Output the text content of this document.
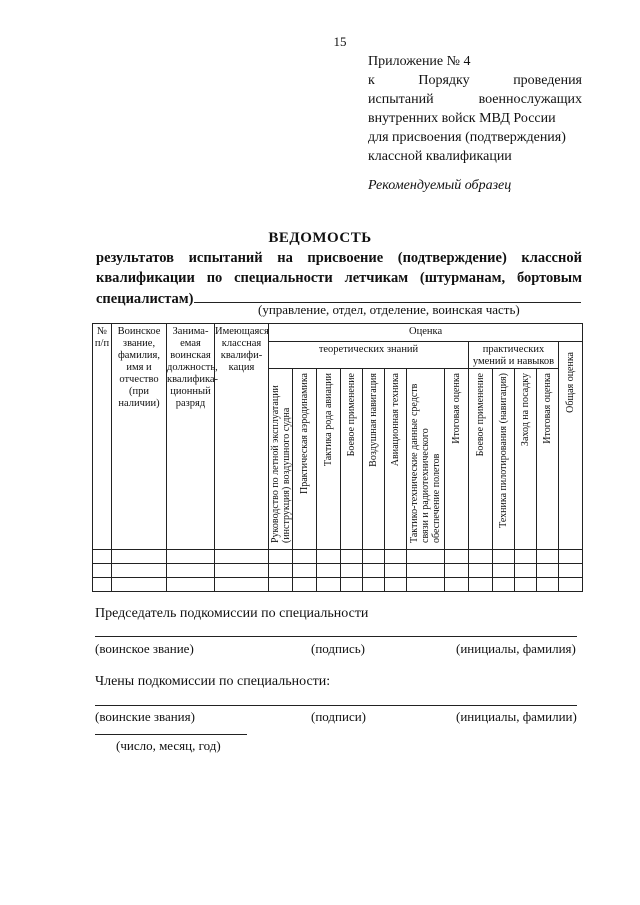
15
Приложение № 4
к	Порядку	проведения
испытаний	военнослужащих
внутренних войск МВД России
для присвоения (подтверждения)
классной квалификации
Рекомендуемый образец
ВЕДОМОСТЬ
результатов испытаний на присвоение (подтверждение) классной
квалификации по специальности летчикам (штурманам, бортовым
специалистам)
(управление, отдел, отделение, воинская часть)
№ п/п	Воинское звание, фамилия, имя и отчество (при наличии)	Занима-емая воинская должность, квалифика-ционный разряд	Имеющаяся классная квалифи-кация	Оценка												
				теоретических знаний								практических умений и навыков				Общая оценка
				Руководство по летной эксплуатации (инструкция) воздушного судна	Практическая аэродинамика	Тактика рода авиации	Боевое применение	Воздушная навигация	Авиационная техника	Тактико-технические данные средств связи и радиотехнического обеспечение полетов	Итоговая оценка	Боевое применение	Техника пилотирования (навигация)	Заход на посадку	Итоговая оценка	

Председатель подкомиссии по специальности
(воинское звание)	(подпись)	(инициалы, фамилия)
Члены подкомиссии по специальности:
(воинские звания)	(подписи)	(инициалы, фамилии)
(число, месяц, год)
